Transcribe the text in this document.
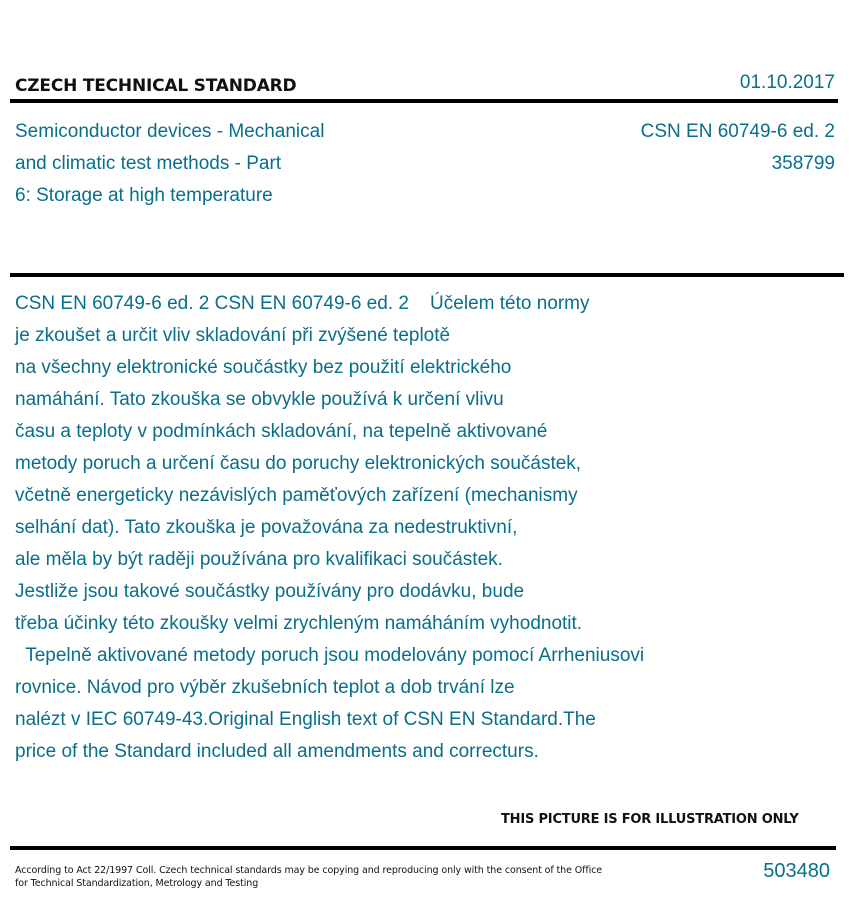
CZECH TECHNICAL STANDARD	01.10.2017
Semiconductor devices - Mechanical
and climatic test methods - Part
6: Storage at high temperature
CSN EN 60749-6 ed. 2
358799
CSN EN 60749-6 ed. 2 CSN EN 60749-6 ed. 2    Účelem této normy
je zkoušet a určit vliv skladování při zvýšené teplotě
na všechny elektronické součástky bez použití elektrického
namáhání. Tato zkouška se obvykle používá k určení vlivu
času a teploty v podmínkách skladování, na tepelně aktivované
metody poruch a určení času do poruchy elektronických součástek,
včetně energeticky nezávislých paměťových zařízení (mechanismy
selhání dat). Tato zkouška je považována za nedestruktivní,
ale měla by být raději používána pro kvalifikaci součástek.
Jestliže jsou takové součástky používány pro dodávku, bude
třeba účinky této zkoušky velmi zrychleným namáháním vyhodnotit.
Tepelně aktivované metody poruch jsou modelovány pomocí Arrheniusovi
rovnice. Návod pro výběr zkušebních teplot a dob trvání lze
nalézt v IEC 60749-43.Original English text of CSN EN Standard.The
price of the Standard included all amendments and correcturs.
THIS PICTURE IS FOR ILLUSTRATION ONLY
According to Act 22/1997 Coll. Czech technical standards may be copying and reproducing only with the consent of the Office
for Technical Standardization, Metrology and Testing
503480
